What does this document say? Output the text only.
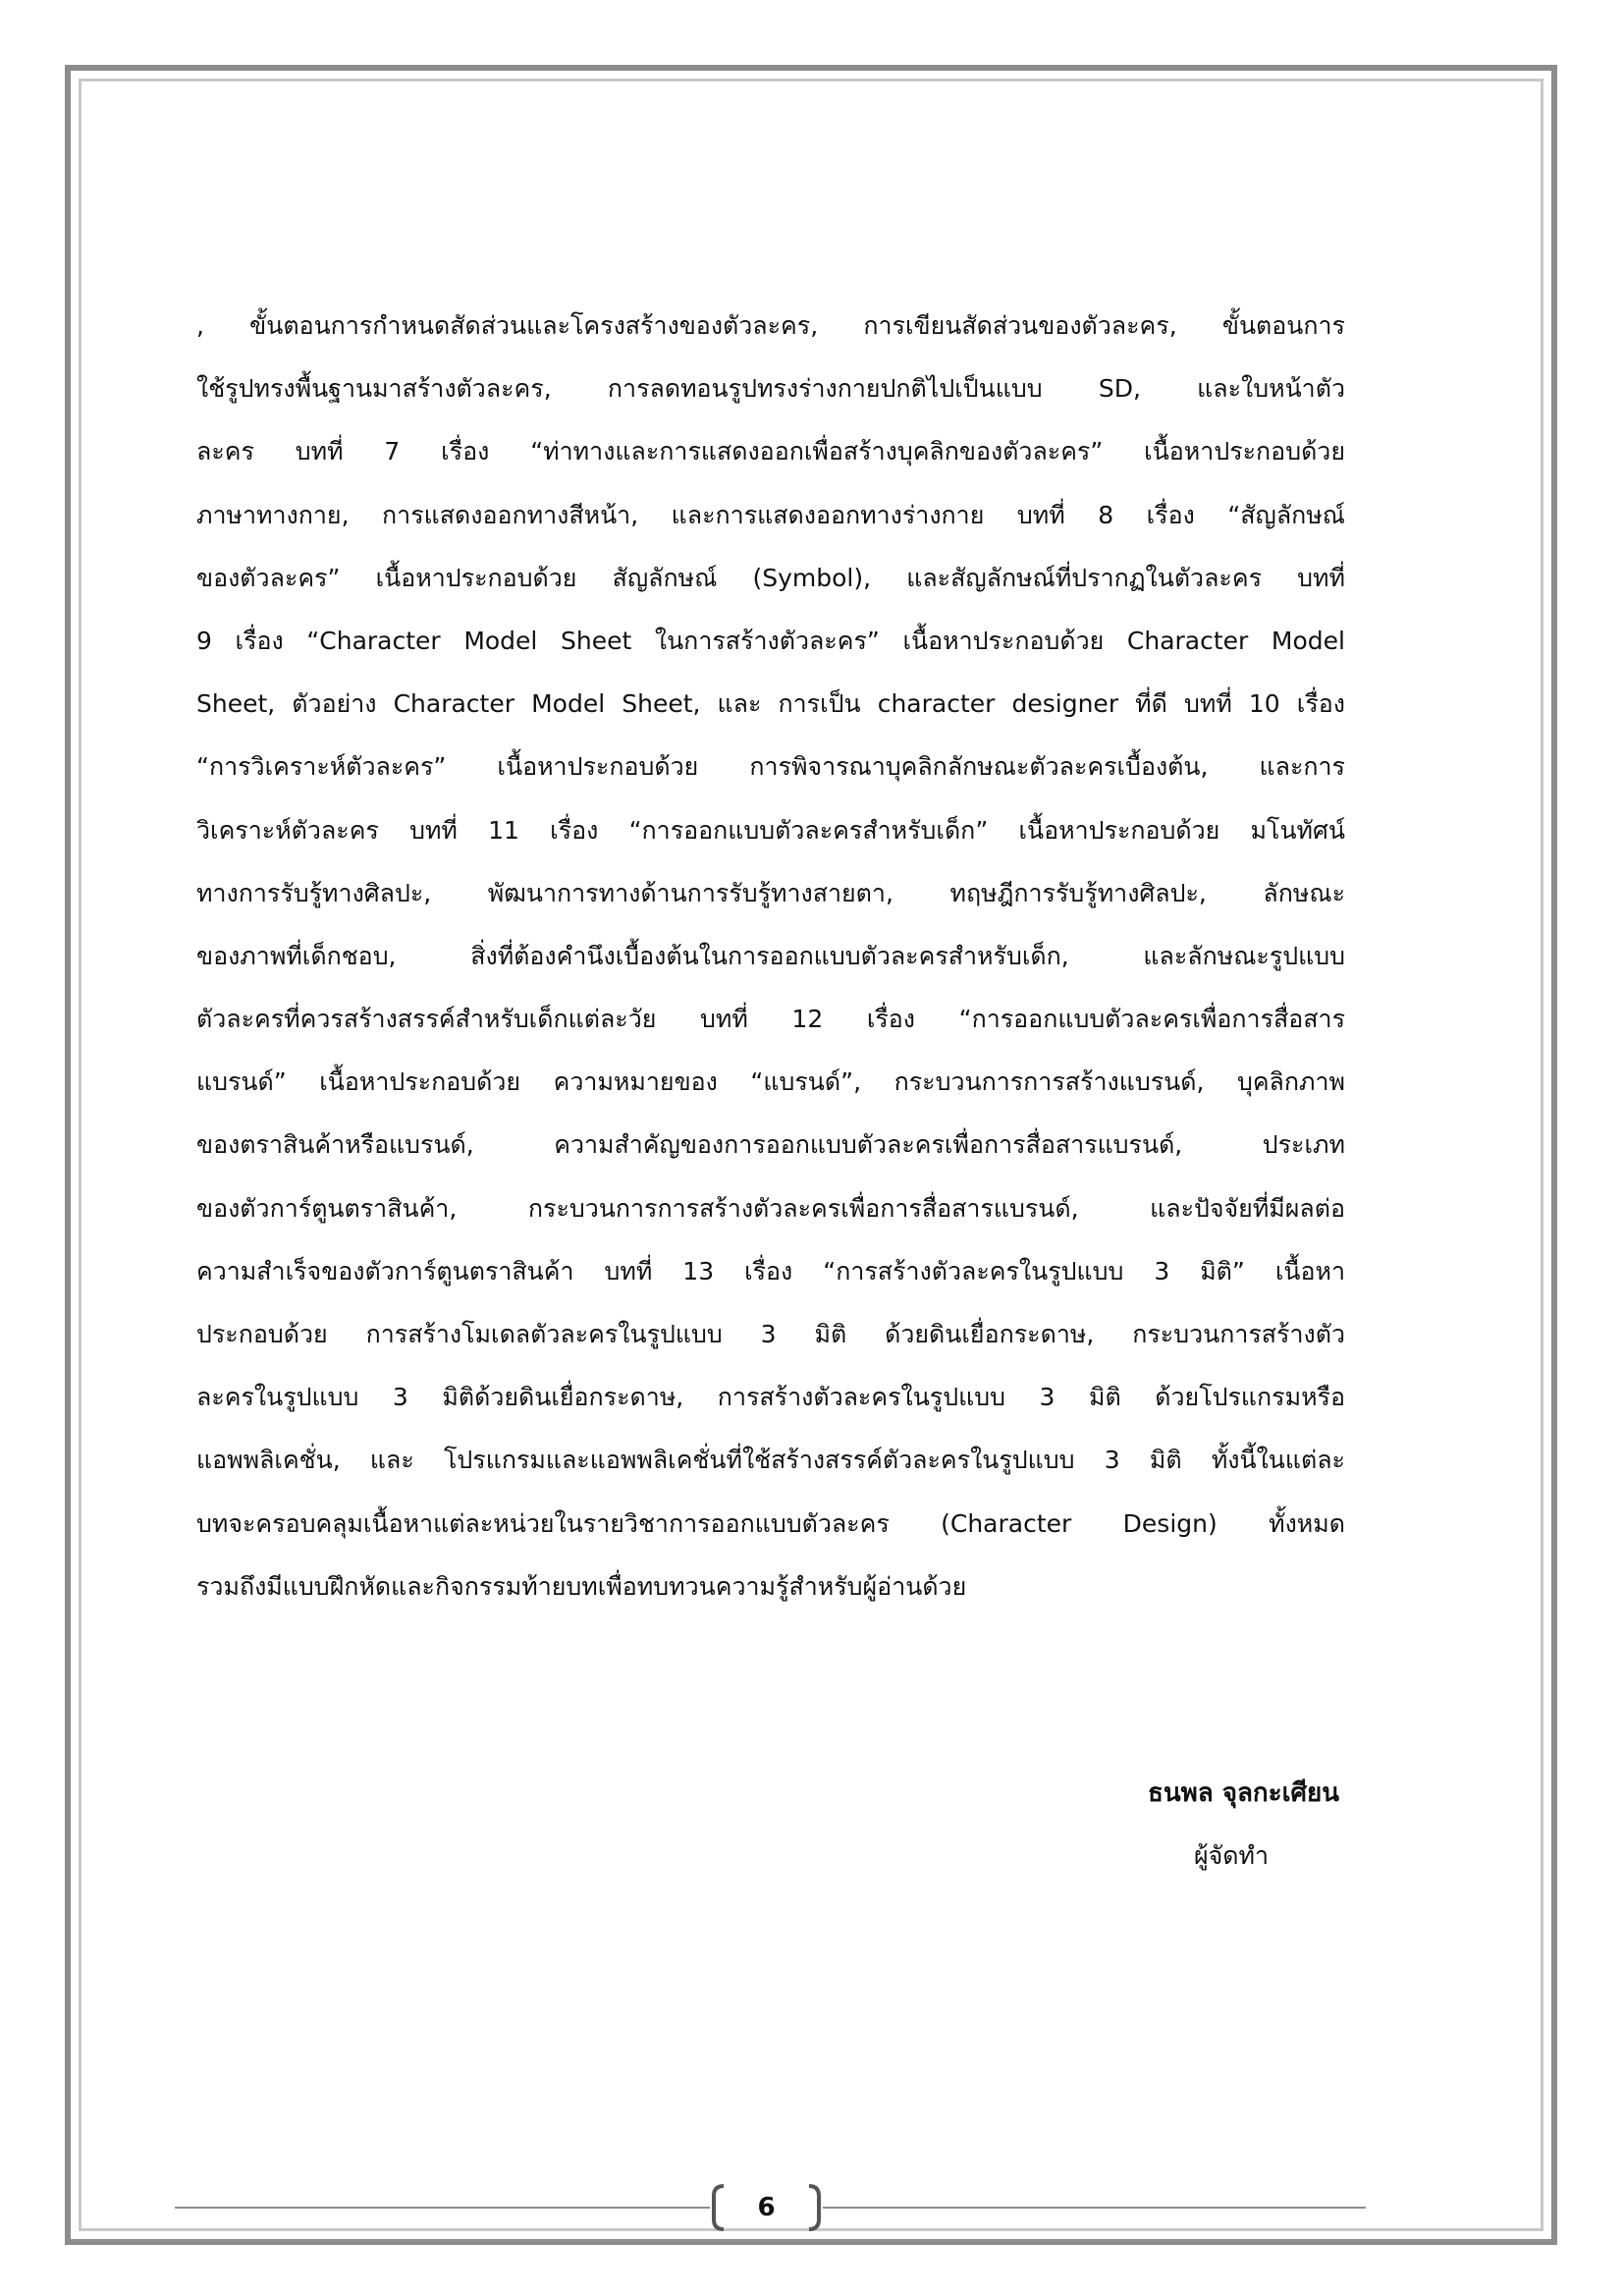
, ขั้นตอนการกำหนดสัดส่วนและโครงสร้างของตัวละคร, การเขียนสัดส่วนของตัวละคร, ขั้นตอนการ
ใช้รูปทรงพื้นฐานมาสร้างตัวละคร, การลดทอนรูปทรงร่างกายปกติไปเป็นแบบ SD, และใบหน้าตัว
ละคร บทที่ 7 เรื่อง “ท่าทางและการแสดงออกเพื่อสร้างบุคลิกของตัวละคร” เนื้อหาประกอบด้วย
ภาษาทางกาย, การแสดงออกทางสีหน้า, และการแสดงออกทางร่างกาย บทที่ 8 เรื่อง “สัญลักษณ์
ของตัวละคร” เนื้อหาประกอบด้วย สัญลักษณ์ (Symbol), และสัญลักษณ์ที่ปรากฏในตัวละคร บทที่
9 เรื่อง “Character Model Sheet ในการสร้างตัวละคร” เนื้อหาประกอบด้วย Character Model
Sheet, ตัวอย่าง Character Model Sheet, และ การเป็น character designer ที่ดี บทที่ 10 เรื่อง
“การวิเคราะห์ตัวละคร” เนื้อหาประกอบด้วย การพิจารณาบุคลิกลักษณะตัวละครเบื้องต้น, และการ
วิเคราะห์ตัวละคร บทที่ 11 เรื่อง “การออกแบบตัวละครสำหรับเด็ก” เนื้อหาประกอบด้วย มโนทัศน์
ทางการรับรู้ทางศิลปะ, พัฒนาการทางด้านการรับรู้ทางสายตา, ทฤษฎีการรับรู้ทางศิลปะ, ลักษณะ
ของภาพที่เด็กชอบ, สิ่งที่ต้องคำนึงเบื้องต้นในการออกแบบตัวละครสำหรับเด็ก, และลักษณะรูปแบบ
ตัวละครที่ควรสร้างสรรค์สำหรับเด็กแต่ละวัย บทที่ 12 เรื่อง “การออกแบบตัวละครเพื่อการสื่อสาร
แบรนด์” เนื้อหาประกอบด้วย ความหมายของ “แบรนด์”, กระบวนการการสร้างแบรนด์, บุคลิกภาพ
ของตราสินค้าหรือแบรนด์, ความสำคัญของการออกแบบตัวละครเพื่อการสื่อสารแบรนด์, ประเภท
ของตัวการ์ตูนตราสินค้า, กระบวนการการสร้างตัวละครเพื่อการสื่อสารแบรนด์, และปัจจัยที่มีผลต่อ
ความสำเร็จของตัวการ์ตูนตราสินค้า บทที่ 13 เรื่อง “การสร้างตัวละครในรูปแบบ 3 มิติ” เนื้อหา
ประกอบด้วย การสร้างโมเดลตัวละครในรูปแบบ 3 มิติ ด้วยดินเยื่อกระดาษ, กระบวนการสร้างตัว
ละครในรูปแบบ 3 มิติด้วยดินเยื่อกระดาษ, การสร้างตัวละครในรูปแบบ 3 มิติ ด้วยโปรแกรมหรือ
แอพพลิเคชั่น, และ โปรแกรมและแอพพลิเคชั่นที่ใช้สร้างสรรค์ตัวละครในรูปแบบ 3 มิติ ทั้งนี้ในแต่ละ
บทจะครอบคลุมเนื้อหาแต่ละหน่วยในรายวิชาการออกแบบตัวละคร (Character Design) ทั้งหมด
รวมถึงมีแบบฝึกหัดและกิจกรรมท้ายบทเพื่อทบทวนความรู้สำหรับผู้อ่านด้วย
ธนพล จุลกะเศียน
ผู้จัดทำ
6
